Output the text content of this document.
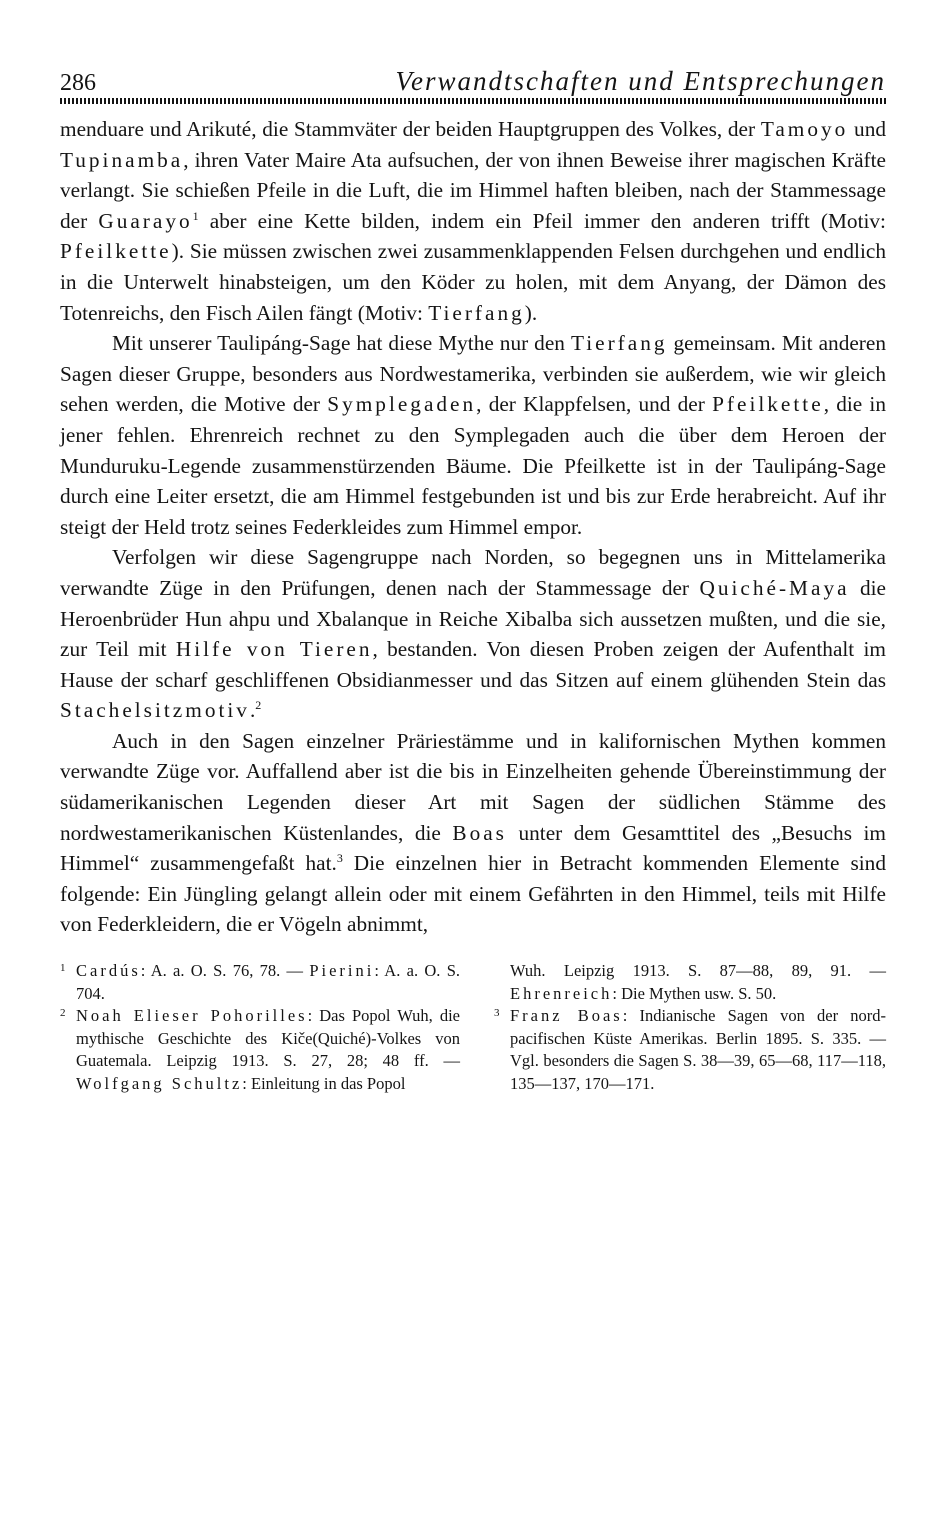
286	Verwandtschaften und Entsprechungen

menduare und Arikuté, die Stammväter der beiden Hauptgruppen des Volkes, der Tamoyo und Tupinamba, ihren Vater Maire Ata aufsuchen, der von ihnen Beweise ihrer magischen Kräfte verlangt. Sie schießen Pfeile in die Luft, die im Himmel haften bleiben, nach der Stammessage der Guarayo$^1$ aber eine Kette bilden, indem ein Pfeil immer den anderen trifft (Motiv: Pfeilkette). Sie müssen zwischen zwei zusammenklappenden Felsen durchgehen und endlich in die Unterwelt hinabsteigen, um den Köder zu holen, mit dem Anyang, der Dämon des Totenreichs, den Fisch Ailen fängt (Motiv: Tierfang).

Mit unserer Taulipáng-Sage hat diese Mythe nur den Tierfang gemeinsam. Mit anderen Sagen dieser Gruppe, besonders aus Nordwestamerika, verbinden sie außerdem, wie wir gleich sehen werden, die Motive der Symplegaden, der Klappfelsen, und der Pfeilkette, die in jener fehlen. Ehrenreich rechnet zu den Symplegaden auch die über dem Heroen der Munduruku-Legende zusammenstürzenden Bäume. Die Pfeilkette ist in der Taulipáng-Sage durch eine Leiter ersetzt, die am Himmel festgebunden ist und bis zur Erde herabreicht. Auf ihr steigt der Held trotz seines Federkleides zum Himmel empor.

Verfolgen wir diese Sagengruppe nach Norden, so begegnen uns in Mittelamerika verwandte Züge in den Prüfungen, denen nach der Stammessage der Quiché-Maya die Heroenbrüder Hun ahpu und Xbalanque in Reiche Xibalba sich aussetzen mußten, und die sie, zur Teil mit Hilfe von Tieren, bestanden. Von diesen Proben zeigen der Aufenthalt im Hause der scharf geschliffenen Obsidianmesser und das Sitzen auf einem glühenden Stein das Stachelsitzmotiv.$^2$

Auch in den Sagen einzelner Präriestämme und in kalifornischen Mythen kommen verwandte Züge vor. Auffallend aber ist die bis in Einzelheiten gehende Übereinstimmung der südamerikanischen Legenden dieser Art mit Sagen der südlichen Stämme des nordwestamerikanischen Küstenlandes, die Boas unter dem Gesamttitel des „Besuchs im Himmel“ zusammengefaßt hat.$^3$ Die einzelnen hier in Betracht kommenden Elemente sind folgende: Ein Jüngling gelangt allein oder mit einem Gefährten in den Himmel, teils mit Hilfe von Federkleidern, die er Vögeln abnimmt,

1 Cardús: A. a. O. S. 76, 78. — Pierini: A. a. O. S. 704.
2 Noah Elieser Pohorilles: Das Popol Wuh, die mythische Geschichte des Kiče(Quiché)-Volkes von Guatemala. Leipzig 1913. S. 27, 28; 48 ff. — Wolfgang Schultz: Einleitung in das Popol
Wuh. Leipzig 1913. S. 87—88, 89, 91. — Ehrenreich: Die Mythen usw. S. 50.
3 Franz Boas: Indianische Sagen von der nord-pacifischen Küste Amerikas. Berlin 1895. S. 335. — Vgl. besonders die Sagen S. 38—39, 65—68, 117—118, 135—137, 170—171.
